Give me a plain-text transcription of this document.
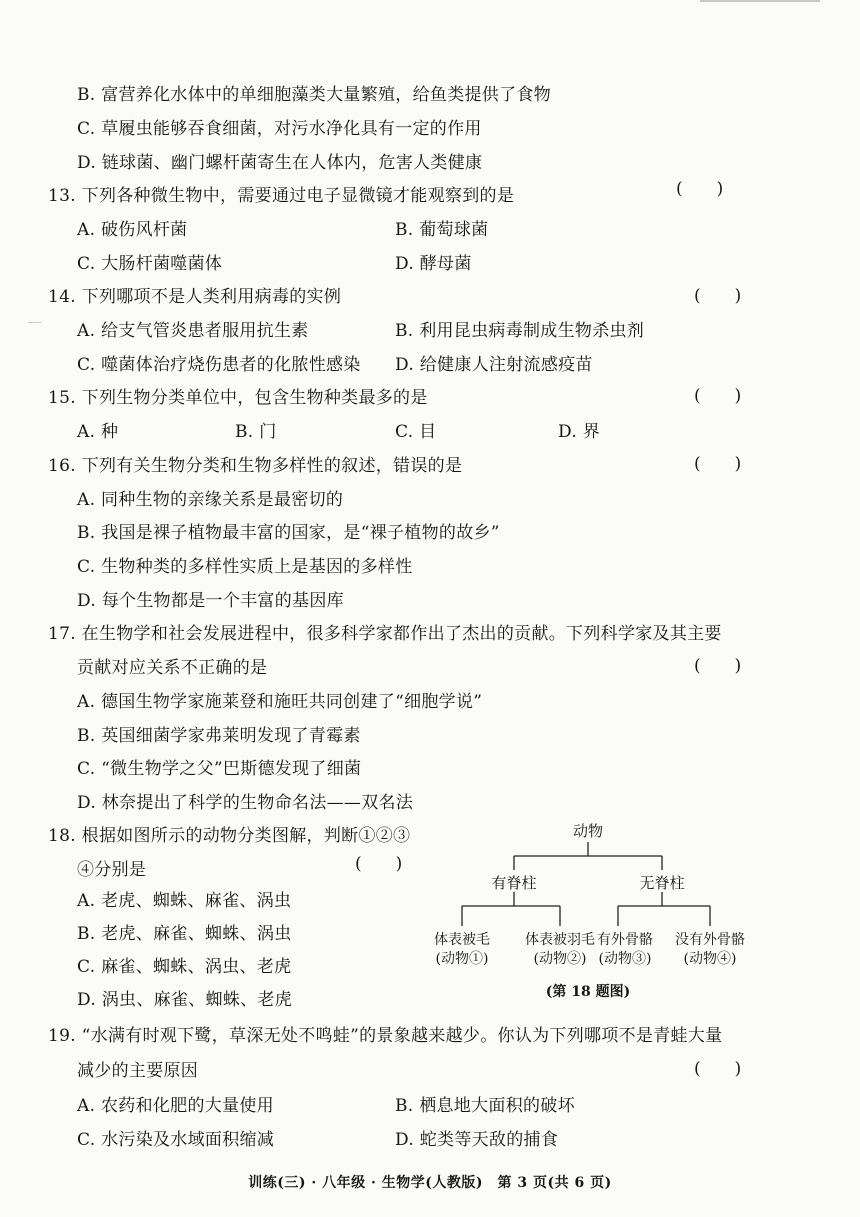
B. 富营养化水体中的单细胞藻类大量繁殖，给鱼类提供了食物
C. 草履虫能够吞食细菌，对污水净化具有一定的作用
D. 链球菌、幽门螺杆菌寄生在人体内，危害人类健康
13. 下列各种微生物中，需要通过电子显微镜才能观察到的是	(　　)
A. 破伤风杆菌	B. 葡萄球菌
C. 大肠杆菌噬菌体	D. 酵母菌
14. 下列哪项不是人类利用病毒的实例	(　　)
A. 给支气管炎患者服用抗生素	B. 利用昆虫病毒制成生物杀虫剂
C. 噬菌体治疗烧伤患者的化脓性感染 D. 给健康人注射流感疫苗
15. 下列生物分类单位中，包含生物种类最多的是	(　　)
A. 种	B. 门	C. 目	D. 界
16. 下列有关生物分类和生物多样性的叙述，错误的是	(　　)
A. 同种生物的亲缘关系是最密切的
B. 我国是裸子植物最丰富的国家，是“裸子植物的故乡”
C. 生物种类的多样性实质上是基因的多样性
D. 每个生物都是一个丰富的基因库
17. 在生物学和社会发展进程中，很多科学家都作出了杰出的贡献。下列科学家及其主要
贡献对应关系不正确的是	(　　)
A. 德国生物学家施莱登和施旺共同创建了“细胞学说”
B. 英国细菌学家弗莱明发现了青霉素
C. “微生物学之父”巴斯德发现了细菌
D. 林奈提出了科学的生物命名法——双名法
18. 根据如图所示的动物分类图解，判断①②③
④分别是	(　　)
A. 老虎、蜘蛛、麻雀、涡虫
B. 老虎、麻雀、蜘蛛、涡虫
C. 麻雀、蜘蛛、涡虫、老虎
D. 涡虫、麻雀、蜘蛛、老虎
动物
有脊柱	无脊柱
体表被毛
(动物①)
体表被羽毛
(动物②)
有外骨骼
(动物③)
没有外骨骼
(动物④)
(第 18 题图)
19. “水满有时观下鹭，草深无处不鸣蛙”的景象越来越少。你认为下列哪项不是青蛙大量
减少的主要原因	(　　)
A. 农药和化肥的大量使用	B. 栖息地大面积的破坏
C. 水污染及水域面积缩减	D. 蛇类等天敌的捕食
训练(三) · 八年级 · 生物学(人教版)　第 3 页(共 6 页)
